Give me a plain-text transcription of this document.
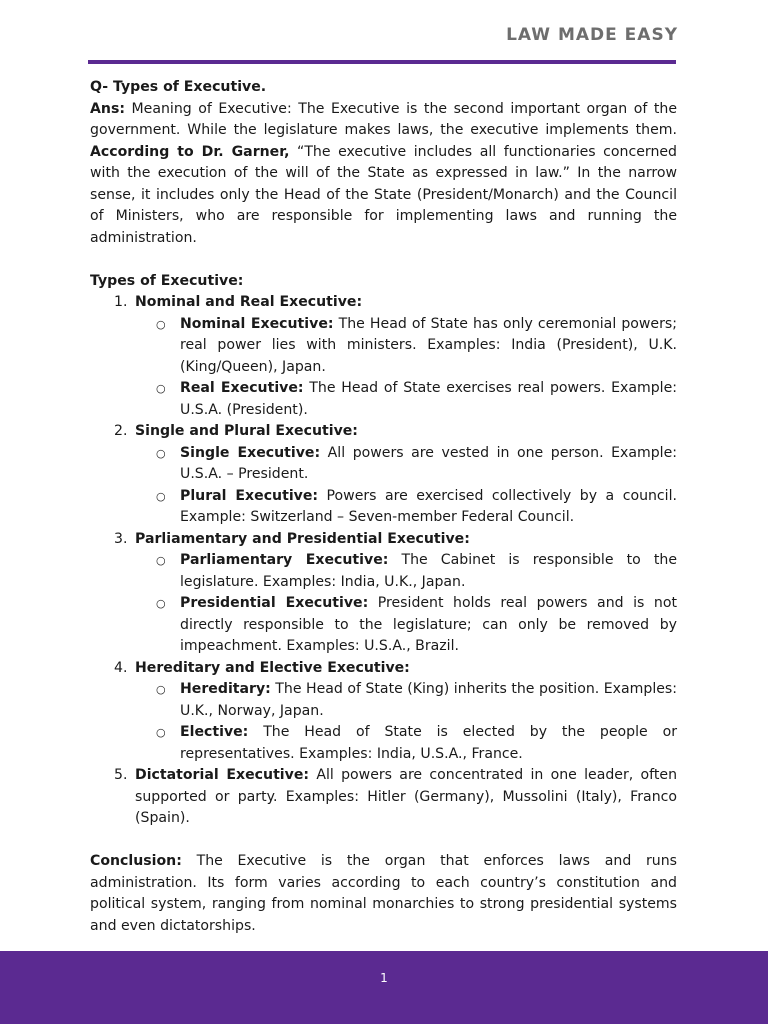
LAW MADE EASY

Q- Types of Executive.

Ans: Meaning of Executive: The Executive is the second important organ of the government. While the legislature makes laws, the executive implements them. According to Dr. Garner, “The executive includes all functionaries concerned with the execution of the will of the State as expressed in law.” In the narrow sense, it includes only the Head of the State (President/Monarch) and the Council of Ministers, who are responsible for implementing laws and running the administration.

Types of Executive:

1. Nominal and Real Executive:
○ Nominal Executive: The Head of State has only ceremonial powers; real power lies with ministers. Examples: India (President), U.K. (King/Queen), Japan.
○ Real Executive: The Head of State exercises real powers. Example: U.S.A. (President).
2. Single and Plural Executive:
○ Single Executive: All powers are vested in one person. Example: U.S.A. – President.
○ Plural Executive: Powers are exercised collectively by a council. Example: Switzerland – Seven-member Federal Council.
3. Parliamentary and Presidential Executive:
○ Parliamentary Executive: The Cabinet is responsible to the legislature. Examples: India, U.K., Japan.
○ Presidential Executive: President holds real powers and is not directly responsible to the legislature; can only be removed by impeachment. Examples: U.S.A., Brazil.
4. Hereditary and Elective Executive:
○ Hereditary: The Head of State (King) inherits the position. Examples: U.K., Norway, Japan.
○ Elective: The Head of State is elected by the people or representatives. Examples: India, U.S.A., France.
5. Dictatorial Executive: All powers are concentrated in one leader, often supported or party. Examples: Hitler (Germany), Mussolini (Italy), Franco (Spain).

Conclusion: The Executive is the organ that enforces laws and runs administration. Its form varies according to each country’s constitution and political system, ranging from nominal monarchies to strong presidential systems and even dictatorships.

1
